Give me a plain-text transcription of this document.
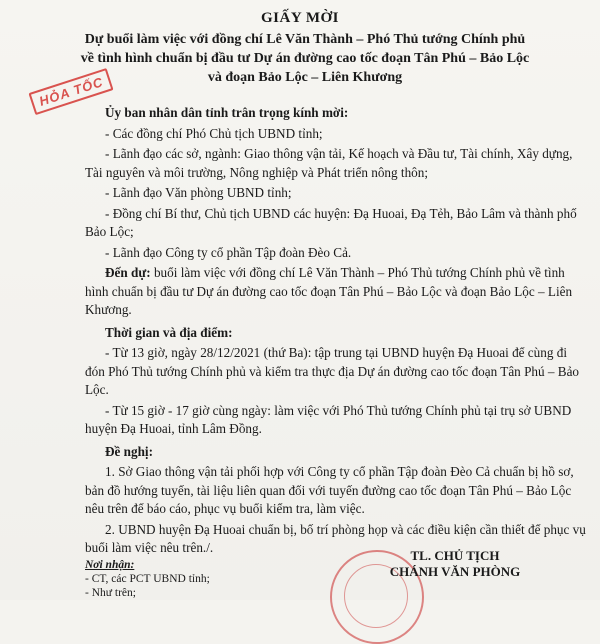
GIẤY MỜI
Dự buổi làm việc với đồng chí Lê Văn Thành – Phó Thủ tướng Chính phủ
về tình hình chuẩn bị đầu tư Dự án đường cao tốc đoạn Tân Phú – Bảo Lộc
và đoạn Bảo Lộc – Liên Khương
HỎA TỐC

Ủy ban nhân dân tỉnh trân trọng kính mời:

- Các đồng chí Phó Chủ tịch UBND tỉnh;

- Lãnh đạo các sở, ngành: Giao thông vận tải, Kế hoạch và Đầu tư, Tài chính, Xây dựng, Tài nguyên và môi trường, Nông nghiệp và Phát triển nông thôn;

- Lãnh đạo Văn phòng UBND tỉnh;

- Đồng chí Bí thư, Chủ tịch UBND các huyện: Đạ Huoai, Đạ Tẻh, Bảo Lâm và thành phố Bảo Lộc;

- Lãnh đạo Công ty cổ phần Tập đoàn Đèo Cả.

Đến dự: buổi làm việc với đồng chí Lê Văn Thành – Phó Thủ tướng Chính phủ về tình hình chuẩn bị đầu tư Dự án đường cao tốc đoạn Tân Phú – Bảo Lộc và đoạn Bảo Lộc – Liên Khương.

Thời gian và địa điểm:

- Từ 13 giờ, ngày 28/12/2021 (thứ Ba): tập trung tại UBND huyện Đạ Huoai để cùng đi đón Phó Thủ tướng Chính phủ và kiểm tra thực địa Dự án đường cao tốc đoạn Tân Phú – Bảo Lộc.

- Từ 15 giờ - 17 giờ cùng ngày: làm việc với Phó Thủ tướng Chính phủ tại trụ sở UBND huyện Đạ Huoai, tỉnh Lâm Đồng.

Đề nghị:

1. Sở Giao thông vận tải phối hợp với Công ty cổ phần Tập đoàn Đèo Cả chuẩn bị hồ sơ, bản đồ hướng tuyến, tài liệu liên quan đối với tuyến đường cao tốc đoạn Tân Phú – Bảo Lộc nêu trên để báo cáo, phục vụ buổi kiểm tra, làm việc.

2. UBND huyện Đạ Huoai chuẩn bị, bố trí phòng họp và các điều kiện cần thiết để phục vụ buổi làm việc nêu trên./.

Nơi nhận:
- CT, các PCT UBND tỉnh;
- Như trên;
TL. CHỦ TỊCH
CHÁNH VĂN PHÒNG
